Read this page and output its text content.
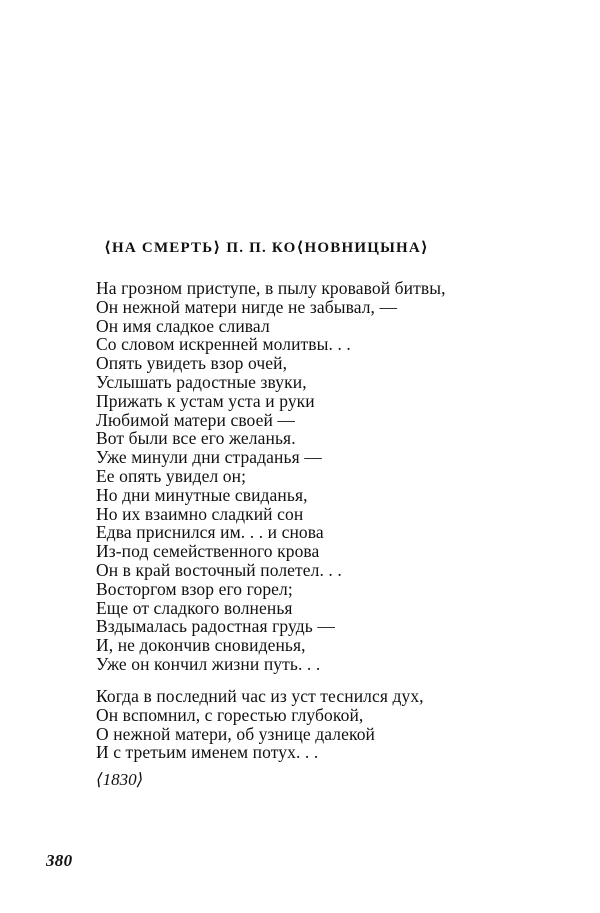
⟨НА СМЕРТЬ⟩ П. П. КО⟨НОВНИЦЫНА⟩
На грозном приступе, в пылу кровавой битвы,
Он нежной матери нигде не забывал, —
Он имя сладкое сливал
Со словом искренней молитвы. . .
Опять увидеть взор очей,
Услышать радостные звуки,
Прижать к устам уста и руки
Любимой матери своей —
Вот были все его желанья.
Уже минули дни страданья —
Ее опять увидел он;
Но дни минутные свиданья,
Но их взаимно сладкий сон
Едва приснился им. . . и снова
Из-под семейственного крова
Он в край восточный полетел. . .
Восторгом взор его горел;
Еще от сладкого волненья
Вздымалась радостная грудь —
И, не докончив сновиденья,
Уже он кончил жизни путь. . .
Когда в последний час из уст теснился дух,
Он вспомнил, с горестью глубокой,
О нежной матери, об узнице далекой
И с третьим именем потух. . .
⟨1830⟩
380
